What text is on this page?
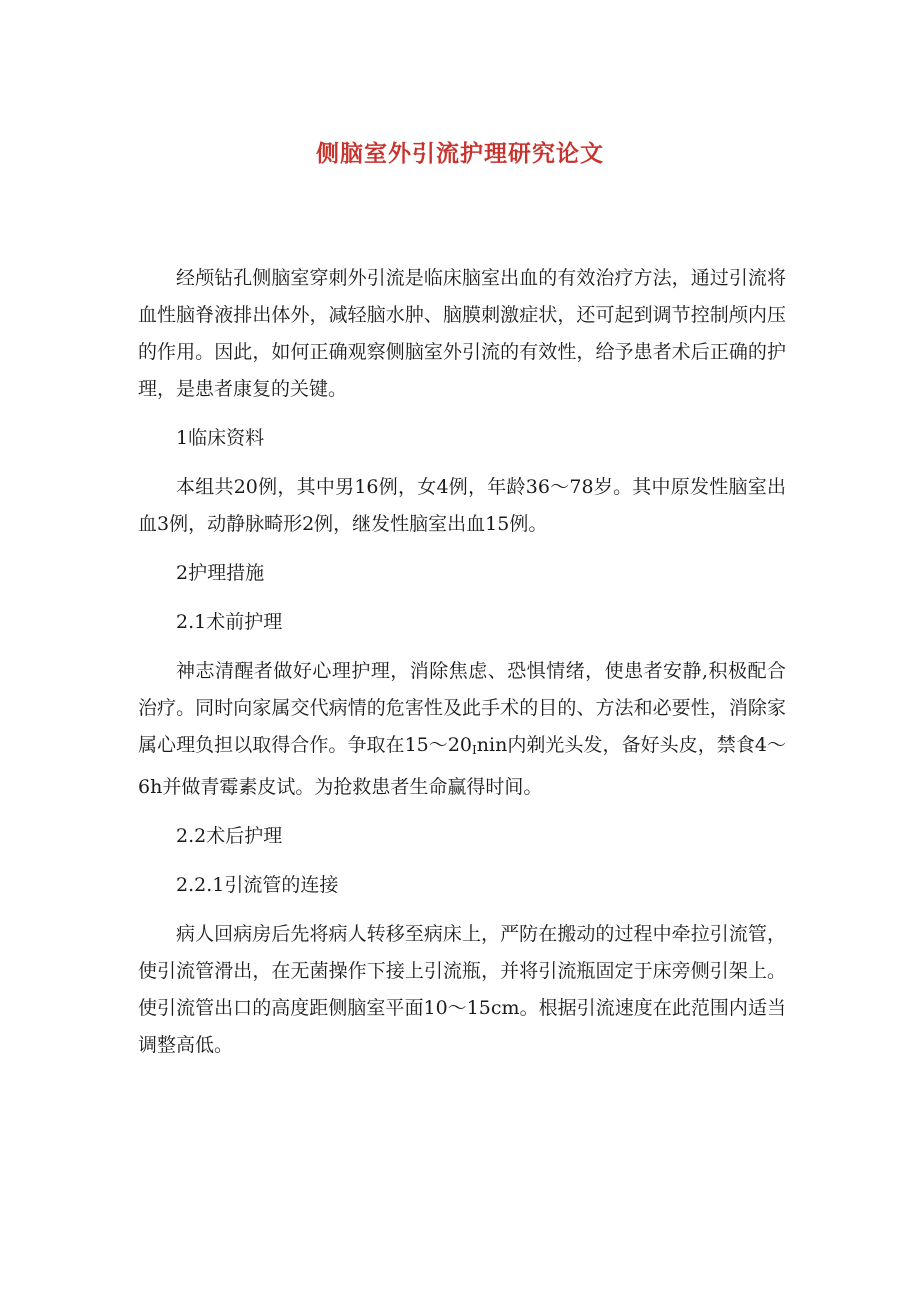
侧脑室外引流护理研究论文

经颅钻孔侧脑室穿刺外引流是临床脑室出血的有效治疗方法，通过引流将血性脑脊液排出体外，减轻脑水肿、脑膜刺激症状，还可起到调节控制颅内压的作用。因此，如何正确观察侧脑室外引流的有效性，给予患者术后正确的护理，是患者康复的关键。

1临床资料

本组共20例，其中男16例，女4例，年龄36～78岁。其中原发性脑室出血3例，动静脉畸形2例，继发性脑室出血15例。

2护理措施

2.1术前护理

神志清醒者做好心理护理，消除焦虑、恐惧情绪，使患者安静,积极配合治疗。同时向家属交代病情的危害性及此手术的目的、方法和必要性，消除家属心理负担以取得合作。争取在$15\sim 20_Inin$内剃光头发，备好头皮，禁食4～6h并做青霉素皮试。为抢救患者生命赢得时间。

2.2术后护理

2.2.1引流管的连接

病人回病房后先将病人转移至病床上，严防在搬动的过程中牵拉引流管，使引流管滑出，在无菌操作下接上引流瓶，并将引流瓶固定于床旁侧引架上。使引流管出口的高度距侧脑室平面10～15cm。根据引流速度在此范围内适当调整高低。
